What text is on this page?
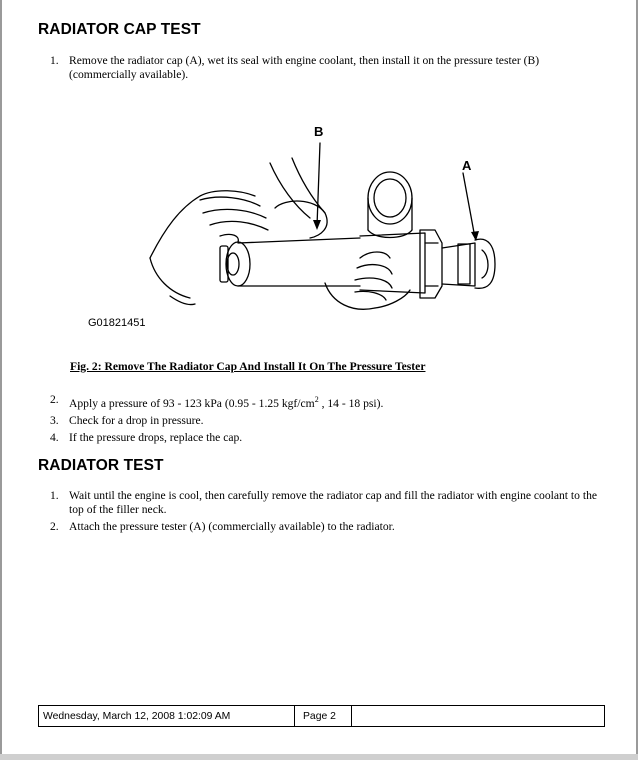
RADIATOR CAP TEST
1. Remove the radiator cap (A), wet its seal with engine coolant, then install it on the pressure tester (B) (commercially available).
B
A
G01821451

Fig. 2: Remove The Radiator Cap And Install It On The Pressure Tester

2. Apply a pressure of 93 - 123 kPa (0.95 - 1.25 kgf/$cm^2$ , 14 - 18 psi).
3. Check for a drop in pressure.
4. If the pressure drops, replace the cap.
RADIATOR TEST
1. Wait until the engine is cool, then carefully remove the radiator cap and fill the radiator with engine coolant to the top of the filler neck.
2. Attach the pressure tester (A) (commercially available) to the radiator.
Wednesday, March 12, 2008 1:02:09 AM	Page 2
